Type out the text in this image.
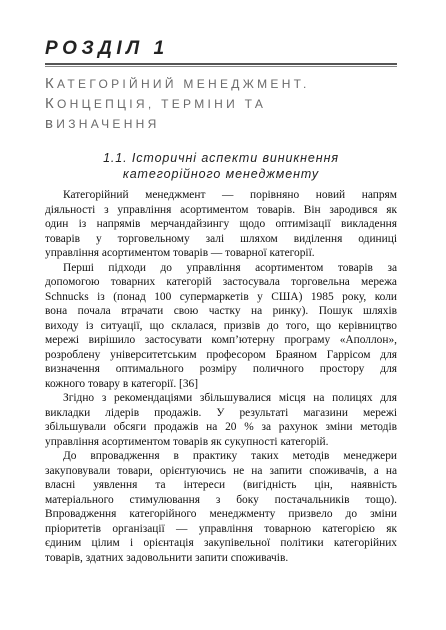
РОЗДІЛ 1
КАТЕГОРІЙНИЙ МЕНЕДЖМЕНТ.
КОНЦЕПЦІЯ, ТЕРМІНИ ТА
вИЗНАЧЕННЯ
1.1. Історичні аспекти виникнення
категорійного менеджменту
Категорійний менеджмент — порівняно новий напрям
діяльності з управління асортиментом товарів. Він зародився як
один із напрямів мерчандайзингу щодо оптимізації викладення
товарів у торговельному залі шляхом виділення одиниці
управління асортиментом товарів — товарної категорії.
Перші підходи до управління асортиментом товарів за
допомогою товарних категорій застосувала торговельна мережа
Schnucks із (понад 100 супермаркетів у США) 1985 року, коли
вона почала втрачати свою частку на ринку). Пошук шляхів
виходу із ситуації, що склалася, призвів до того, що керівництво
мережі вирішило застосувати комп’ютерну програму «Аполлон»,
розроблену університетським професором Браяном Гаррісом для
визначення оптимального розміру поличного простору для
кожного товару в категорії. [36]
Згідно з рекомендаціями збільшувалися місця на полицях для
викладки лідерів продажів. У результаті магазини мережі
збільшували обсяги продажів на 20 % за рахунок зміни методів
управління асортиментом товарів як сукупності категорій.
До впровадження в практику таких методів менеджери
закуповували товари, орієнтуючись не на запити споживачів, а на
власні уявлення та інтереси (вигідність цін, наявність
матеріального стимулювання з боку постачальників тощо).
Впровадження категорійного менеджменту призвело до зміни
пріоритетів організації — управління товарною категорією як
єдиним цілим і орієнтація закупівельної політики категорійних
товарів, здатних задовольнити запити споживачів.
